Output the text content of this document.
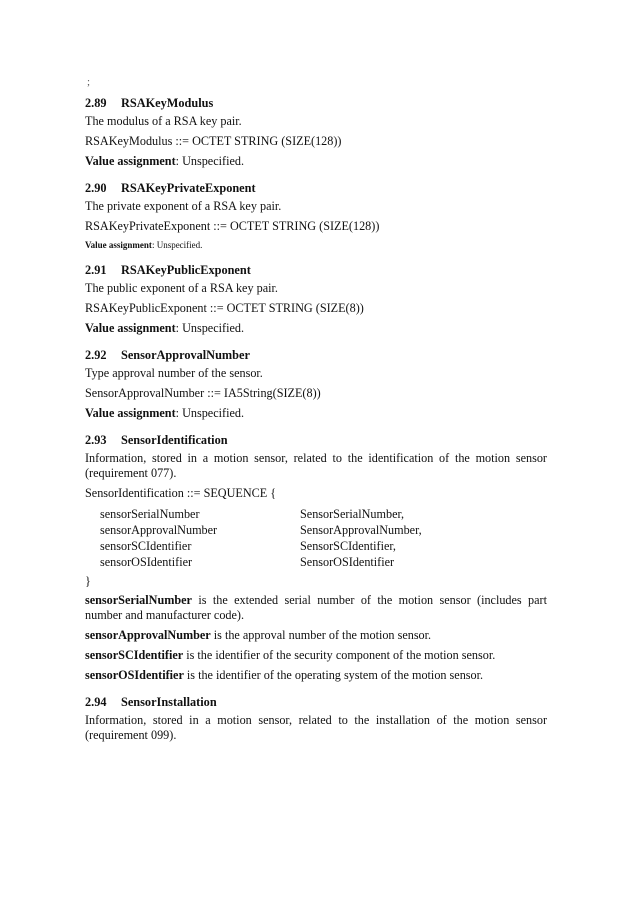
;
2.89 RSAKeyModulus

The modulus of a RSA key pair.

RSAKeyModulus ::= OCTET STRING (SIZE(128))

Value assignment: Unspecified.

2.90 RSAKeyPrivateExponent

The private exponent of a RSA key pair.

RSAKeyPrivateExponent ::= OCTET STRING (SIZE(128))

Value assignment: Unspecified.

2.91 RSAKeyPublicExponent

The public exponent of a RSA key pair.

RSAKeyPublicExponent ::= OCTET STRING (SIZE(8))

Value assignment: Unspecified.

2.92 SensorApprovalNumber

Type approval number of the sensor.

SensorApprovalNumber ::= IA5String(SIZE(8))

Value assignment: Unspecified.

2.93 SensorIdentification

Information, stored in a motion sensor, related to the identification of the motion sensor (requirement 077).

SensorIdentification ::= SEQUENCE {

sensorSerialNumber	SensorSerialNumber,
sensorApprovalNumber	SensorApprovalNumber,
sensorSCIdentifier	SensorSCIdentifier,
sensorOSIdentifier	SensorOSIdentifier

}

sensorSerialNumber is the extended serial number of the motion sensor (includes part number and manufacturer code).

sensorApprovalNumber is the approval number of the motion sensor.

sensorSCIdentifier is the identifier of the security component of the motion sensor.

sensorOSIdentifier is the identifier of the operating system of the motion sensor.

2.94 SensorInstallation

Information, stored in a motion sensor, related to the installation of the motion sensor (requirement 099).
